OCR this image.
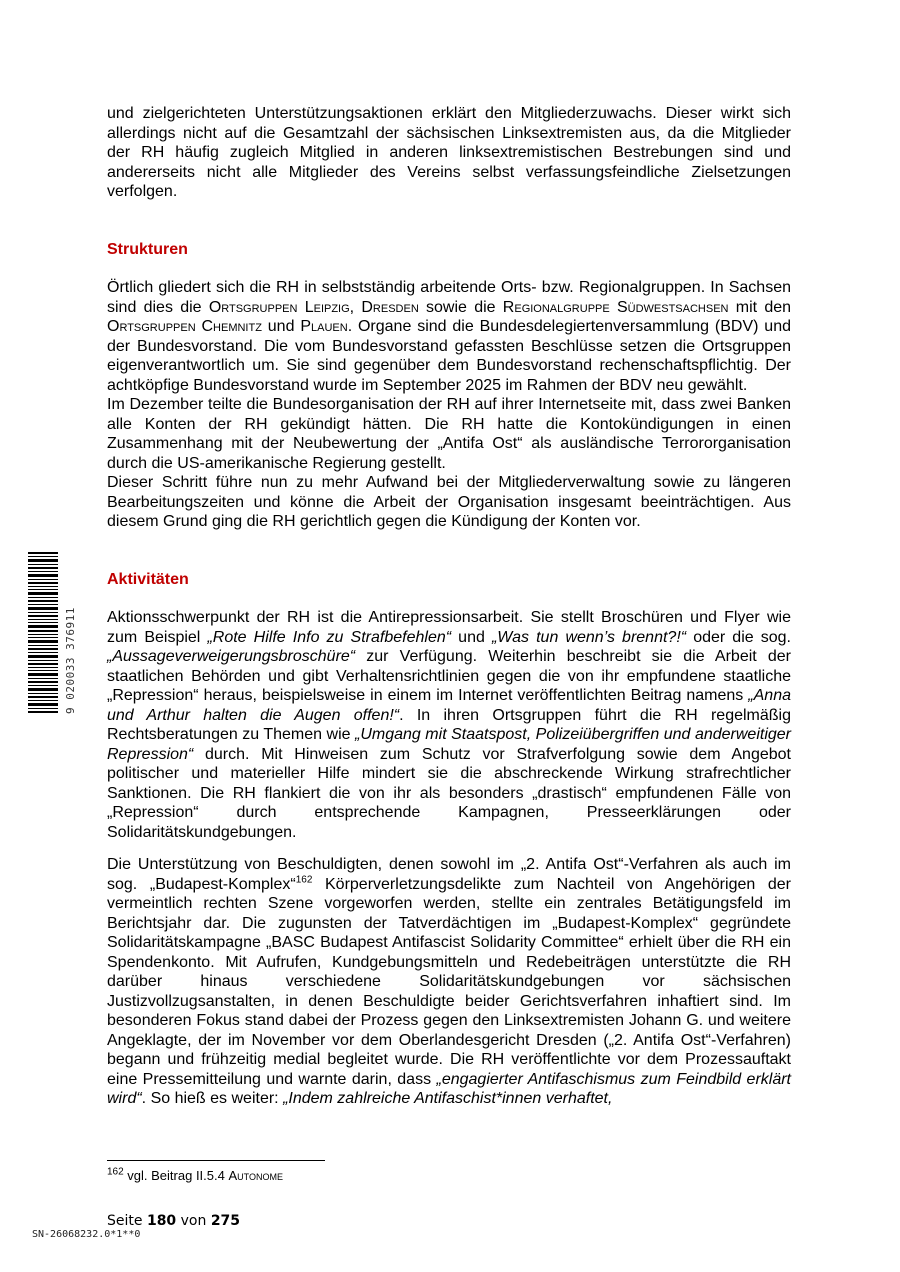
9 020033 376911

und zielgerichteten Unterstützungsaktionen erklärt den Mitgliederzuwachs. Dieser wirkt sich
allerdings nicht auf die Gesamtzahl der sächsischen Linksextremisten aus, da die Mitglieder
der RH häufig zugleich Mitglied in anderen linksextremistischen Bestrebungen sind und
andererseits nicht alle Mitglieder des Vereins selbst verfassungsfeindliche Zielsetzungen
verfolgen.

Strukturen

Örtlich gliedert sich die RH in selbstständig arbeitende Orts- bzw. Regionalgruppen. In Sachsen sind dies die Ortsgruppen Leipzig, Dresden sowie die Regionalgruppe Südwestsachsen mit den Ortsgruppen Chemnitz und Plauen. Organe sind die Bundesdelegiertenversammlung (BDV) und der Bundesvorstand. Die vom Bundesvorstand gefassten Beschlüsse setzen die Ortsgruppen eigenverantwortlich um. Sie sind gegenüber dem Bundesvorstand rechenschaftspflichtig. Der achtköpfige Bundesvorstand wurde im September 2025 im Rahmen der BDV neu gewählt.

Im Dezember teilte die Bundesorganisation der RH auf ihrer Internetseite mit, dass zwei Banken alle Konten der RH gekündigt hätten. Die RH hatte die Kontokündigungen in einen Zusammenhang mit der Neubewertung der „Antifa Ost“ als ausländische Terrororganisation durch die US-amerikanische Regierung gestellt.

Dieser Schritt führe nun zu mehr Aufwand bei der Mitgliederverwaltung sowie zu längeren Bearbeitungszeiten und könne die Arbeit der Organisation insgesamt beeinträchtigen. Aus diesem Grund ging die RH gerichtlich gegen die Kündigung der Konten vor.

Aktivitäten

Aktionsschwerpunkt der RH ist die Antirepressionsarbeit. Sie stellt Broschüren und Flyer wie zum Beispiel „Rote Hilfe Info zu Strafbefehlen“ und „Was tun wenn’s brennt?!“ oder die sog. „Aussageverweigerungsbroschüre“ zur Verfügung. Weiterhin beschreibt sie die Arbeit der staatlichen Behörden und gibt Verhaltensrichtlinien gegen die von ihr empfundene staatliche „Repression“ heraus, beispielsweise in einem im Internet veröffentlichten Beitrag namens „Anna und Arthur halten die Augen offen!“. In ihren Ortsgruppen führt die RH regelmäßig Rechtsberatungen zu Themen wie „Umgang mit Staatspost, Polizeiübergriffen und anderweitiger Repression“ durch. Mit Hinweisen zum Schutz vor Strafverfolgung sowie dem Angebot politischer und materieller Hilfe mindert sie die abschreckende Wirkung strafrechtlicher Sanktionen. Die RH flankiert die von ihr als besonders „drastisch“ empfundenen Fälle von „Repression“ durch entsprechende Kampagnen, Presseerklärungen oder Solidaritätskundgebungen.

Die Unterstützung von Beschuldigten, denen sowohl im „2. Antifa Ost“-Verfahren als auch im sog. „Budapest-Komplex“$^{162}$ Körperverletzungsdelikte zum Nachteil von Angehörigen der vermeintlich rechten Szene vorgeworfen werden, stellte ein zentrales Betätigungsfeld im Berichtsjahr dar. Die zugunsten der Tatverdächtigen im „Budapest-Komplex“ gegründete Solidaritätskampagne „BASC Budapest Antifascist Solidarity Committee“ erhielt über die RH ein Spendenkonto. Mit Aufrufen, Kundgebungsmitteln und Redebeiträgen unterstützte die RH darüber hinaus verschiedene Solidaritätskundgebungen vor sächsischen Justizvollzugsanstalten, in denen Beschuldigte beider Gerichtsverfahren inhaftiert sind. Im besonderen Fokus stand dabei der Prozess gegen den Linksextremisten Johann G. und weitere Angeklagte, der im November vor dem Oberlandesgericht Dresden („2. Antifa Ost“-Verfahren) begann und frühzeitig medial begleitet wurde. Die RH veröffentlichte vor dem Prozessauftakt eine Pressemitteilung und warnte darin, dass „engagierter Antifaschismus zum Feindbild erklärt wird“. So hieß es weiter: „Indem zahlreiche Antifaschist*innen verhaftet,

$^{162}$ vgl. Beitrag II.5.4 Autonome
Seite 180 von 275
SN-26068232.0*1**0
